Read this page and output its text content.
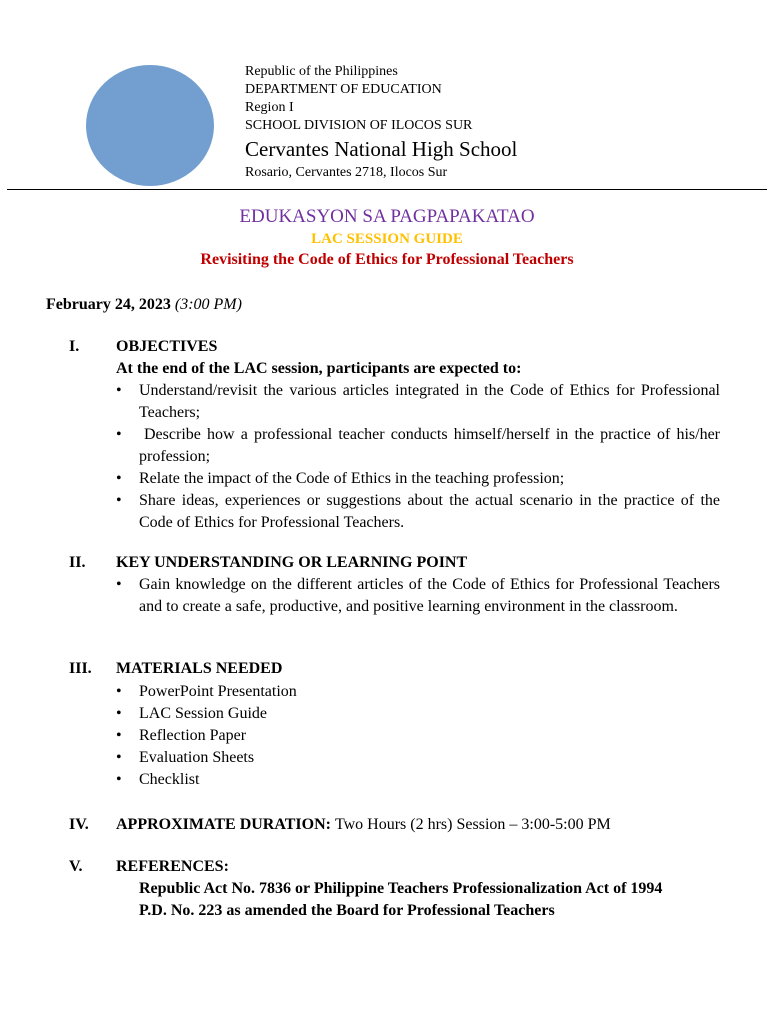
Republic of the Philippines
DEPARTMENT OF EDUCATION
Region I
SCHOOL DIVISION OF ILOCOS SUR
Cervantes National High School
Rosario, Cervantes 2718, Ilocos Sur
EDUKASYON SA PAGPAPAKATAO
LAC SESSION GUIDE
Revisiting the Code of Ethics for Professional Teachers
February 24, 2023 (3:00 PM)
I. OBJECTIVES
At the end of the LAC session, participants are expected to:
•	Understand/revisit the various articles integrated in the Code of Ethics for Professional Teachers;
•	Describe how a professional teacher conducts himself/herself in the practice of his/her profession;
•	Relate the impact of the Code of Ethics in the teaching profession;
•	Share ideas, experiences or suggestions about the actual scenario in the practice of the Code of Ethics for Professional Teachers.
II. KEY UNDERSTANDING OR LEARNING POINT
•	Gain knowledge on the different articles of the Code of Ethics for Professional Teachers and to create a safe, productive, and positive learning environment in the classroom.
III. MATERIALS NEEDED
•	PowerPoint Presentation
•	LAC Session Guide
•	Reflection Paper
•	Evaluation Sheets
•	Checklist
IV. APPROXIMATE DURATION: Two Hours (2 hrs) Session – 3:00-5:00 PM
V. REFERENCES:
Republic Act No. 7836 or Philippine Teachers Professionalization Act of 1994
P.D. No. 223 as amended the Board for Professional Teachers
